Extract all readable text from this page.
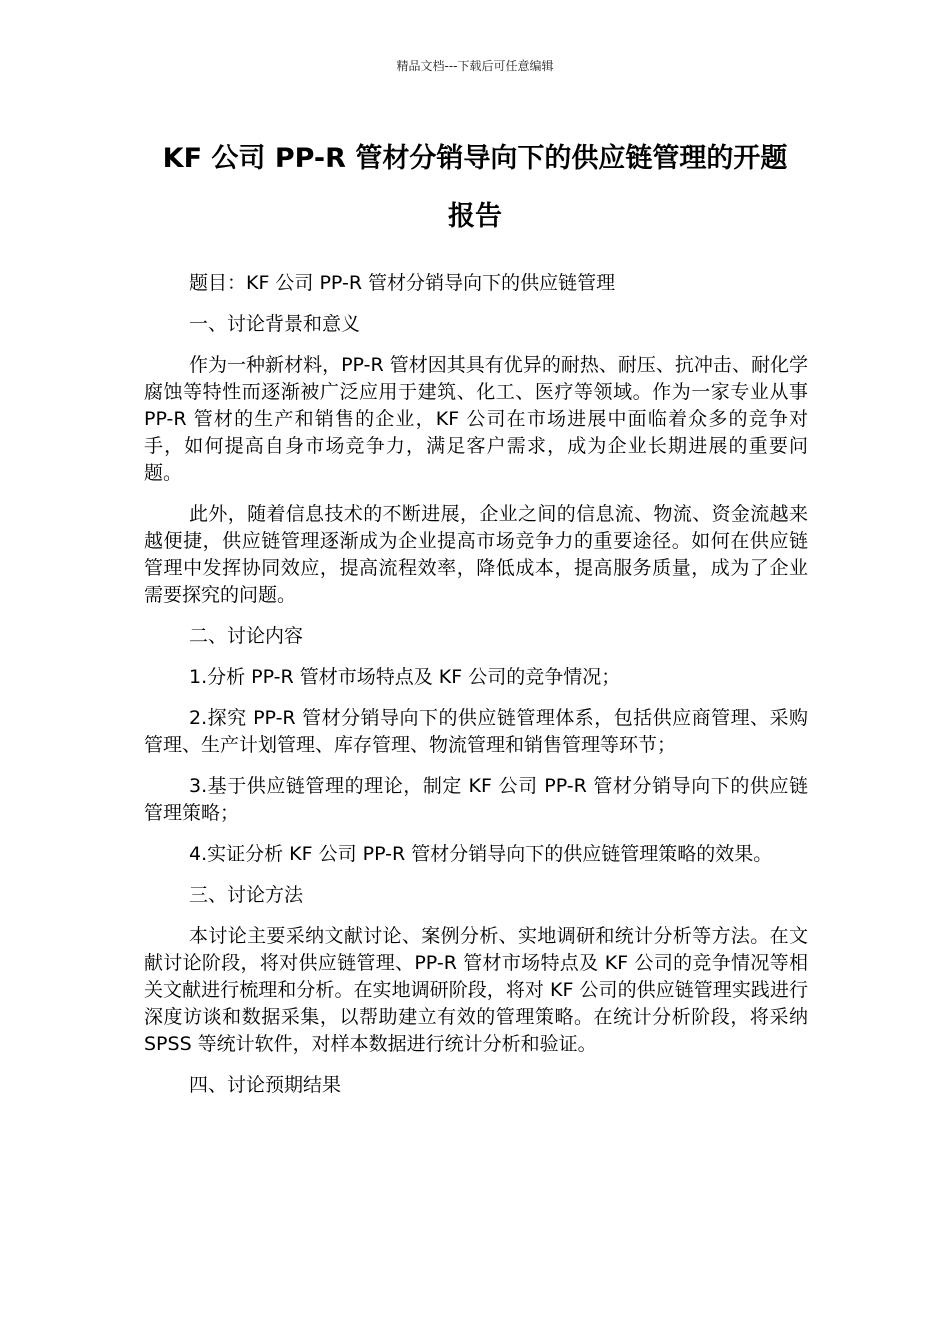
精品文档---下载后可任意编辑
KF 公司 PP-R 管材分销导向下的供应链管理的开题
报告

题目：KF 公司 PP-R 管材分销导向下的供应链管理

一、讨论背景和意义

作为一种新材料，PP-R 管材因其具有优异的耐热、耐压、抗冲击、耐化学腐蚀等特性而逐渐被广泛应用于建筑、化工、医疗等领域。作为一家专业从事 PP-R 管材的生产和销售的企业，KF 公司在市场进展中面临着众多的竞争对手，如何提高自身市场竞争力，满足客户需求，成为企业长期进展的重要问题。

此外，随着信息技术的不断进展，企业之间的信息流、物流、资金流越来越便捷，供应链管理逐渐成为企业提高市场竞争力的重要途径。如何在供应链管理中发挥协同效应，提高流程效率，降低成本，提高服务质量，成为了企业需要探究的问题。

二、讨论内容

1.分析 PP-R 管材市场特点及 KF 公司的竞争情况；

2.探究 PP-R 管材分销导向下的供应链管理体系，包括供应商管理、采购管理、生产计划管理、库存管理、物流管理和销售管理等环节；

3.基于供应链管理的理论，制定 KF 公司 PP-R 管材分销导向下的供应链管理策略；

4.实证分析 KF 公司 PP-R 管材分销导向下的供应链管理策略的效果。

三、讨论方法

本讨论主要采纳文献讨论、案例分析、实地调研和统计分析等方法。在文献讨论阶段，将对供应链管理、PP-R 管材市场特点及 KF 公司的竞争情况等相关文献进行梳理和分析。在实地调研阶段，将对 KF 公司的供应链管理实践进行深度访谈和数据采集，以帮助建立有效的管理策略。在统计分析阶段，将采纳 SPSS 等统计软件，对样本数据进行统计分析和验证。

四、讨论预期结果
